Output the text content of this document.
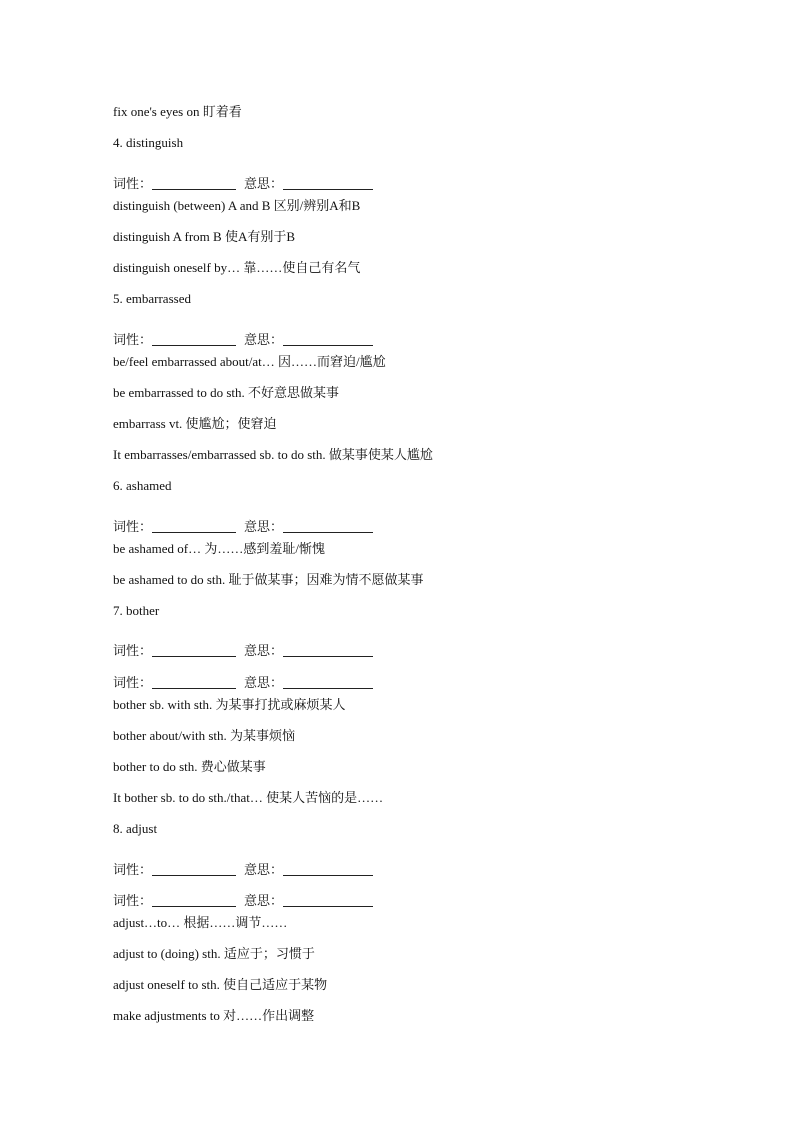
fix one's eyes on 盯着看
4. distinguish
词性：	意思：
distinguish (between) A and B 区别/辨别A和B
distinguish A from B 使A有别于B
distinguish oneself by… 靠……使自己有名气
5. embarrassed
词性：	意思：
be/feel embarrassed about/at… 因……而窘迫/尴尬
be embarrassed to do sth. 不好意思做某事
embarrass vt. 使尴尬；使窘迫
It embarrasses/embarrassed sb. to do sth. 做某事使某人尴尬
6. ashamed
词性：	意思：
be ashamed of… 为……感到羞耻/惭愧
be ashamed to do sth. 耻于做某事；因难为情不愿做某事
7. bother
词性：	意思：
词性：	意思：
bother sb. with sth. 为某事打扰或麻烦某人
bother about/with sth. 为某事烦恼
bother to do sth. 费心做某事
It bother sb. to do sth./that… 使某人苦恼的是……
8. adjust
词性：	意思：
词性：	意思：
adjust…to… 根据……调节……
adjust to (doing) sth. 适应于；习惯于
adjust oneself to sth. 使自己适应于某物
make adjustments to 对……作出调整
